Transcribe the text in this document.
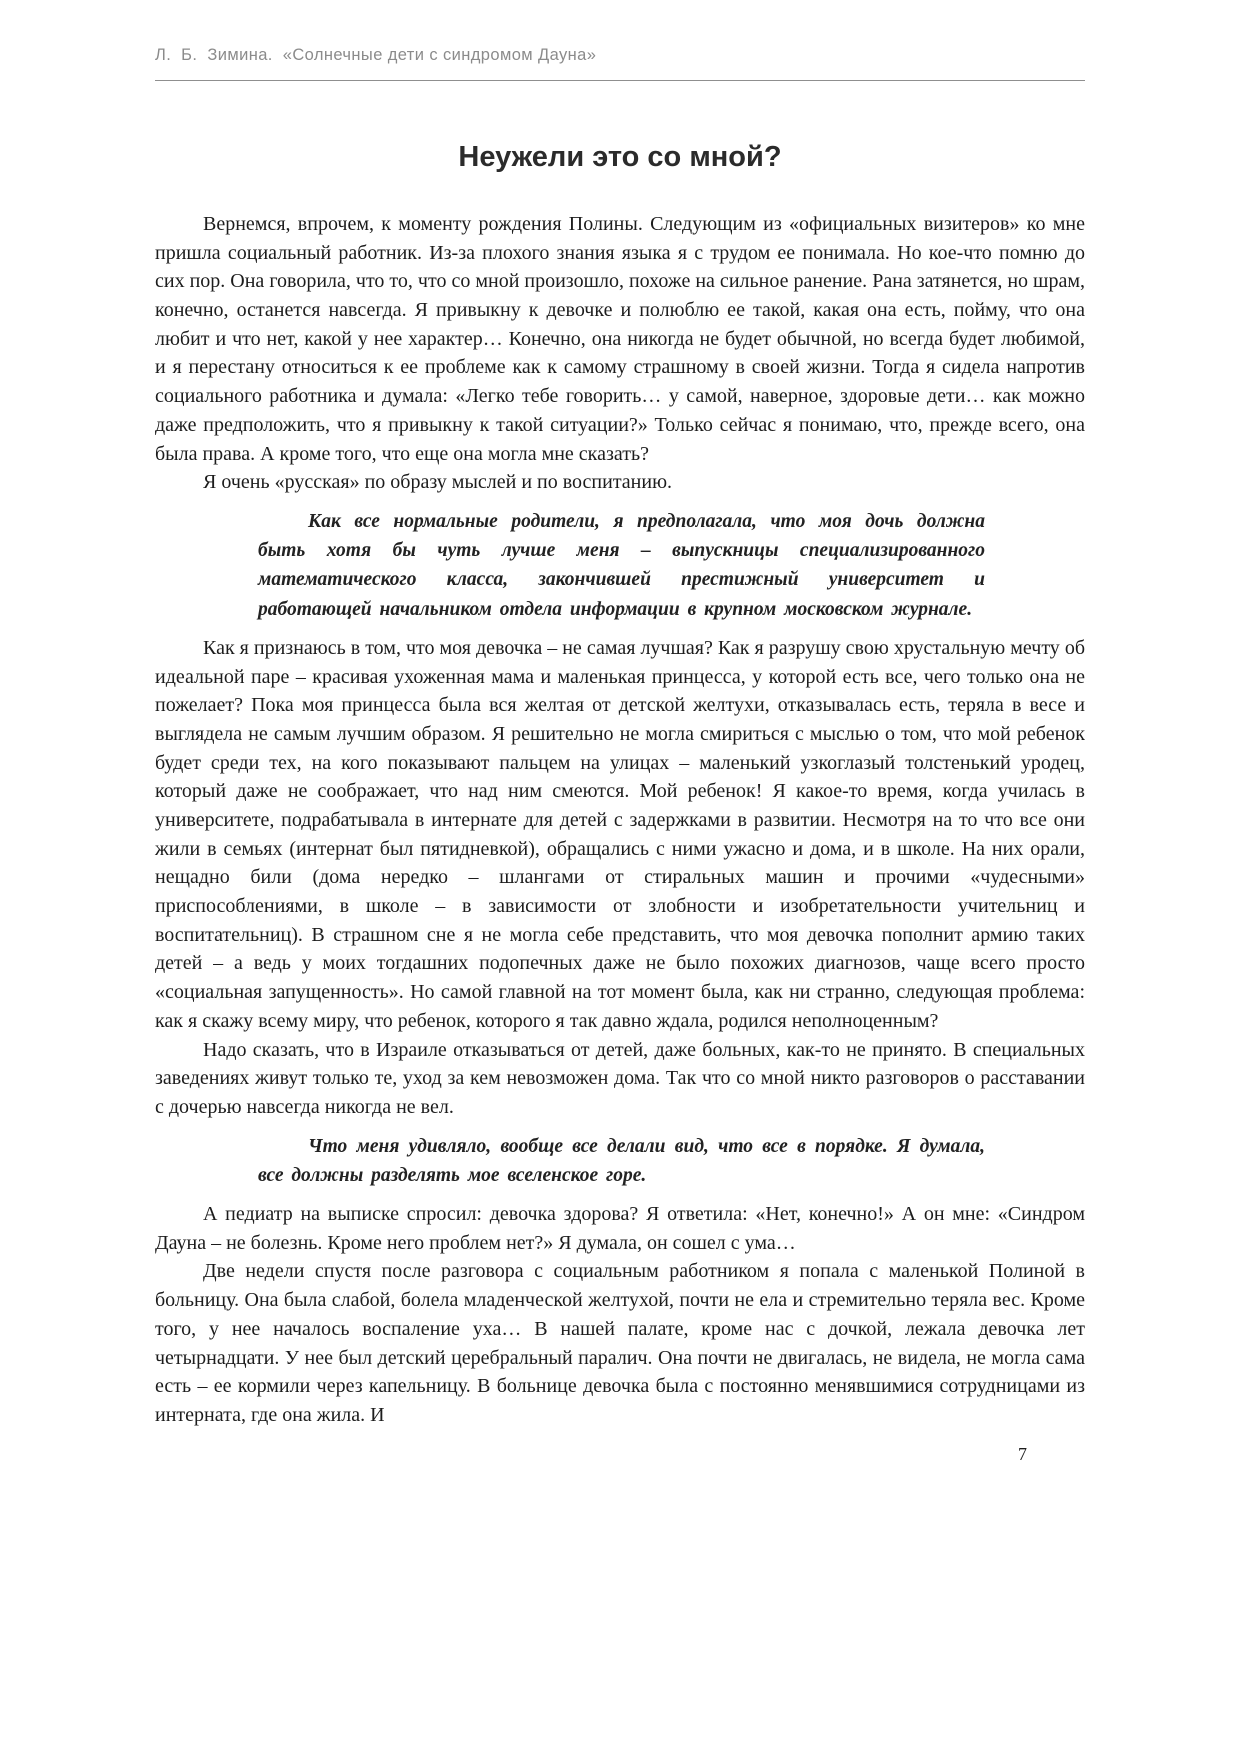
Л.  Б.  Зимина.  «Солнечные дети с синдромом Дауна»
Неужели это со мной?

Вернемся, впрочем, к моменту рождения Полины. Следующим из «официальных визитеров» ко мне пришла социальный работник. Из-за плохого знания языка я с трудом ее понимала. Но кое-что помню до сих пор. Она говорила, что то, что со мной произошло, похоже на сильное ранение. Рана затянется, но шрам, конечно, останется навсегда. Я привыкну к девочке и полюблю ее такой, какая она есть, пойму, что она любит и что нет, какой у нее характер… Конечно, она никогда не будет обычной, но всегда будет любимой, и я перестану относиться к ее проблеме как к самому страшному в своей жизни. Тогда я сидела напротив социального работника и думала: «Легко тебе говорить… у самой, наверное, здоровые дети… как можно даже предположить, что я привыкну к такой ситуации?» Только сейчас я понимаю, что, прежде всего, она была права. А кроме того, что еще она могла мне сказать?

Я очень «русская» по образу мыслей и по воспитанию.

Как все нормальные родители, я предполагала, что моя дочь должна быть хотя бы чуть лучше меня – выпускницы специализированного математического класса, закончившей престижный университет и работающей начальником отдела информации в крупном московском журнале.

Как я признаюсь в том, что моя девочка – не самая лучшая? Как я разрушу свою хрустальную мечту об идеальной паре – красивая ухоженная мама и маленькая принцесса, у которой есть все, чего только она не пожелает? Пока моя принцесса была вся желтая от детской желтухи, отказывалась есть, теряла в весе и выглядела не самым лучшим образом. Я решительно не могла смириться с мыслью о том, что мой ребенок будет среди тех, на кого показывают пальцем на улицах – маленький узкоглазый толстенький уродец, который даже не соображает, что над ним смеются. Мой ребенок! Я какое-то время, когда училась в университете, подрабатывала в интернате для детей с задержками в развитии. Несмотря на то что все они жили в семьях (интернат был пятидневкой), обращались с ними ужасно и дома, и в школе. На них орали, нещадно били (дома нередко – шлангами от стиральных машин и прочими «чудесными» приспособлениями, в школе – в зависимости от злобности и изобретательности учительниц и воспитательниц). В страшном сне я не могла себе представить, что моя девочка пополнит армию таких детей – а ведь у моих тогдашних подопечных даже не было похожих диагнозов, чаще всего просто «социальная запущенность». Но самой главной на тот момент была, как ни странно, следующая проблема: как я скажу всему миру, что ребенок, которого я так давно ждала, родился неполноценным?

Надо сказать, что в Израиле отказываться от детей, даже больных, как-то не принято. В специальных заведениях живут только те, уход за кем невозможен дома. Так что со мной никто разговоров о расставании с дочерью навсегда никогда не вел.

Что меня удивляло, вообще все делали вид, что все в порядке. Я думала, все должны разделять мое вселенское горе.

А педиатр на выписке спросил: девочка здорова? Я ответила: «Нет, конечно!» А он мне: «Синдром Дауна – не болезнь. Кроме него проблем нет?» Я думала, он сошел с ума…

Две недели спустя после разговора с социальным работником я попала с маленькой Полиной в больницу. Она была слабой, болела младенческой желтухой, почти не ела и стремительно теряла вес. Кроме того, у нее началось воспаление уха… В нашей палате, кроме нас с дочкой, лежала девочка лет четырнадцати. У нее был детский церебральный паралич. Она почти не двигалась, не видела, не могла сама есть – ее кормили через капельницу. В больнице девочка была с постоянно менявшимися сотрудницами из интерната, где она жила. И

7
